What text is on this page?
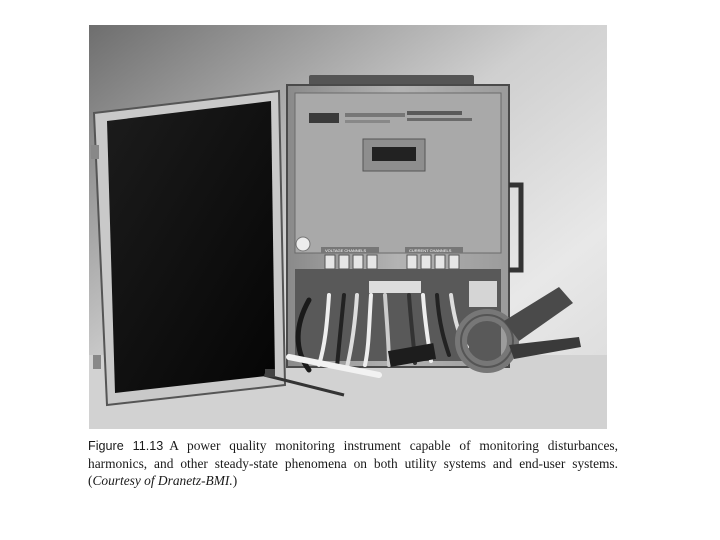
VOLTAGE CHANNELS	CURRENT CHANNELS
Figure 11.13 A power quality monitoring instrument capable of monitoring disturbances, harmonics, and other steady-state phenomena on both utility systems and end-user systems. (Courtesy of Dranetz-BMI.)
